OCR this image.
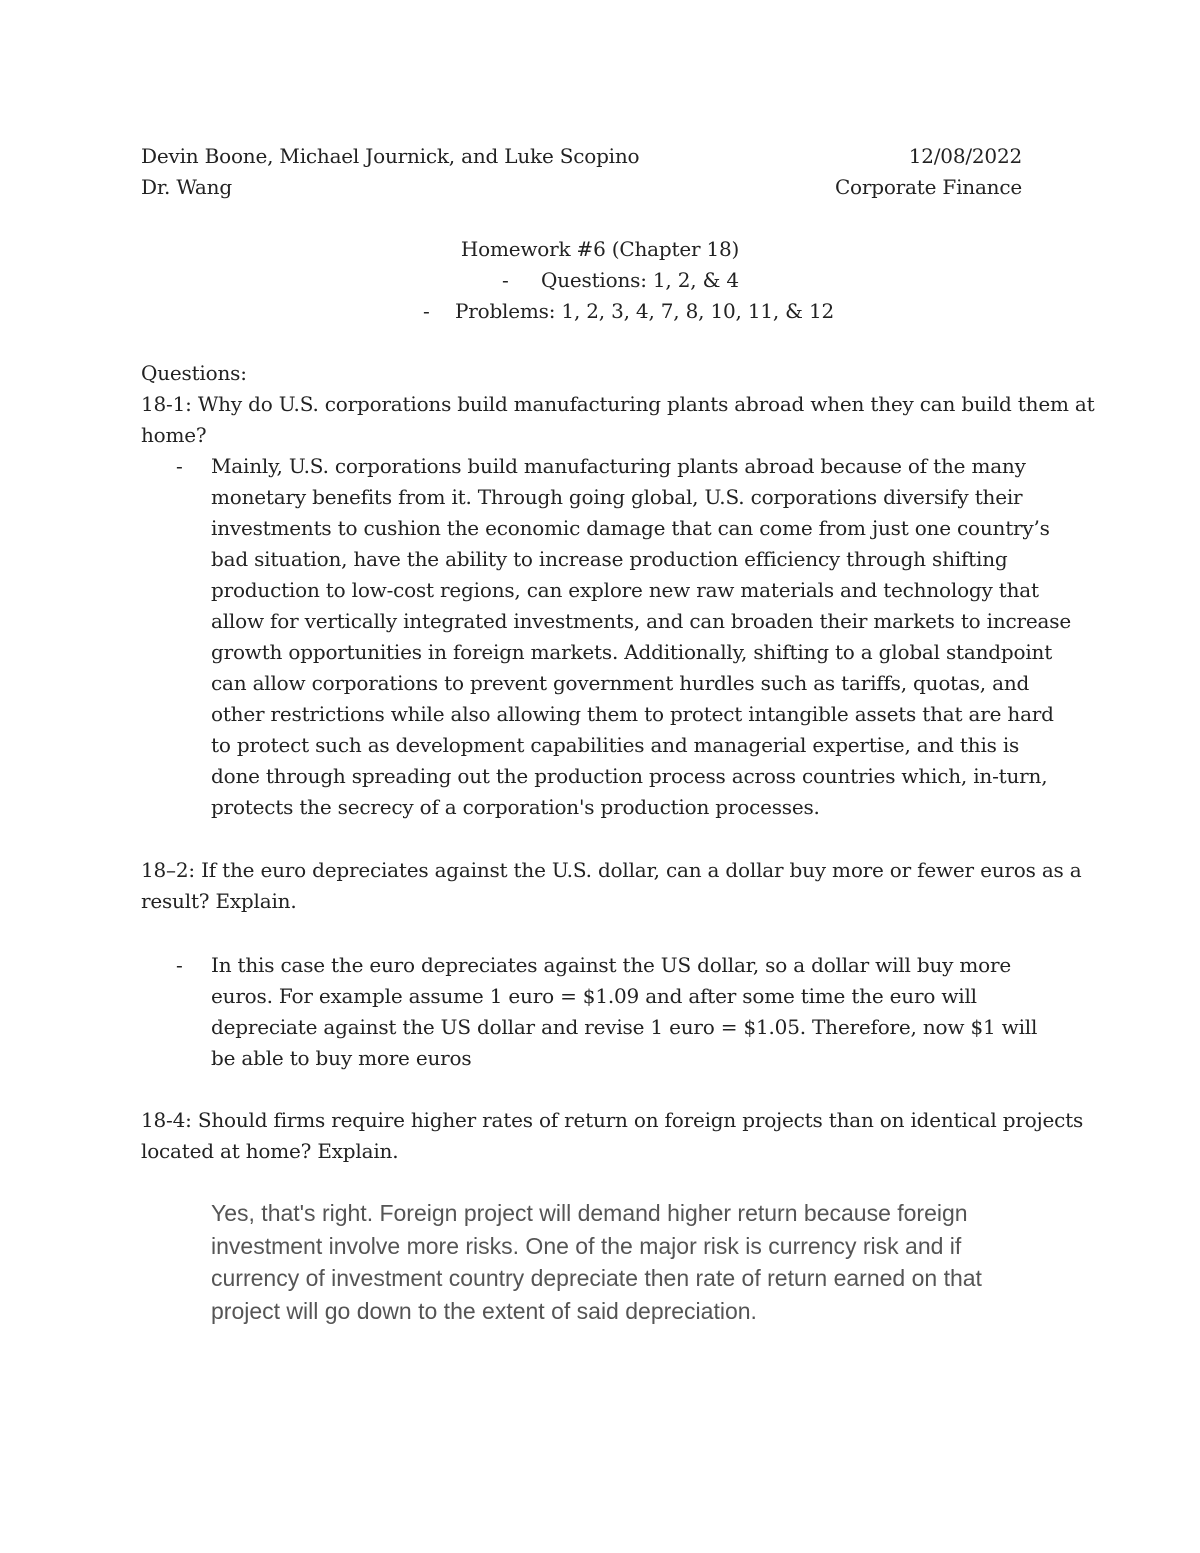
Devin Boone, Michael Journick, and Luke Scopino	12/08/2022
Dr. Wang	Corporate Finance
Homework #6 (Chapter 18)
- Questions: 1, 2, & 4
- Problems: 1, 2, 3, 4, 7, 8, 10, 11, & 12
Questions:
18-1: Why do U.S. corporations build manufacturing plants abroad when they can build them at
home?
- Mainly, U.S. corporations build manufacturing plants abroad because of the many monetary benefits from it. Through going global, U.S. corporations diversify their investments to cushion the economic damage that can come from just one country’s bad situation, have the ability to increase production efficiency through shifting production to low-cost regions, can explore new raw materials and technology that allow for vertically integrated investments, and can broaden their markets to increase growth opportunities in foreign markets. Additionally, shifting to a global standpoint can allow corporations to prevent government hurdles such as tariffs, quotas, and other restrictions while also allowing them to protect intangible assets that are hard to protect such as development capabilities and managerial expertise, and this is done through spreading out the production process across countries which, in-turn, protects the secrecy of a corporation's production processes.
18–2: If the euro depreciates against the U.S. dollar, can a dollar buy more or fewer euros as a
result? Explain.
- In this case the euro depreciates against the US dollar, so a dollar will buy more euros. For example assume 1 euro = $1.09 and after some time the euro will depreciate against the US dollar and revise 1 euro = $1.05. Therefore, now $1 will be able to buy more euros
18-4: Should firms require higher rates of return on foreign projects than on identical projects
located at home? Explain.
Yes, that's right. Foreign project will demand higher return because foreign investment involve more risks. One of the major risk is currency risk and if currency of investment country depreciate then rate of return earned on that project will go down to the extent of said depreciation.
